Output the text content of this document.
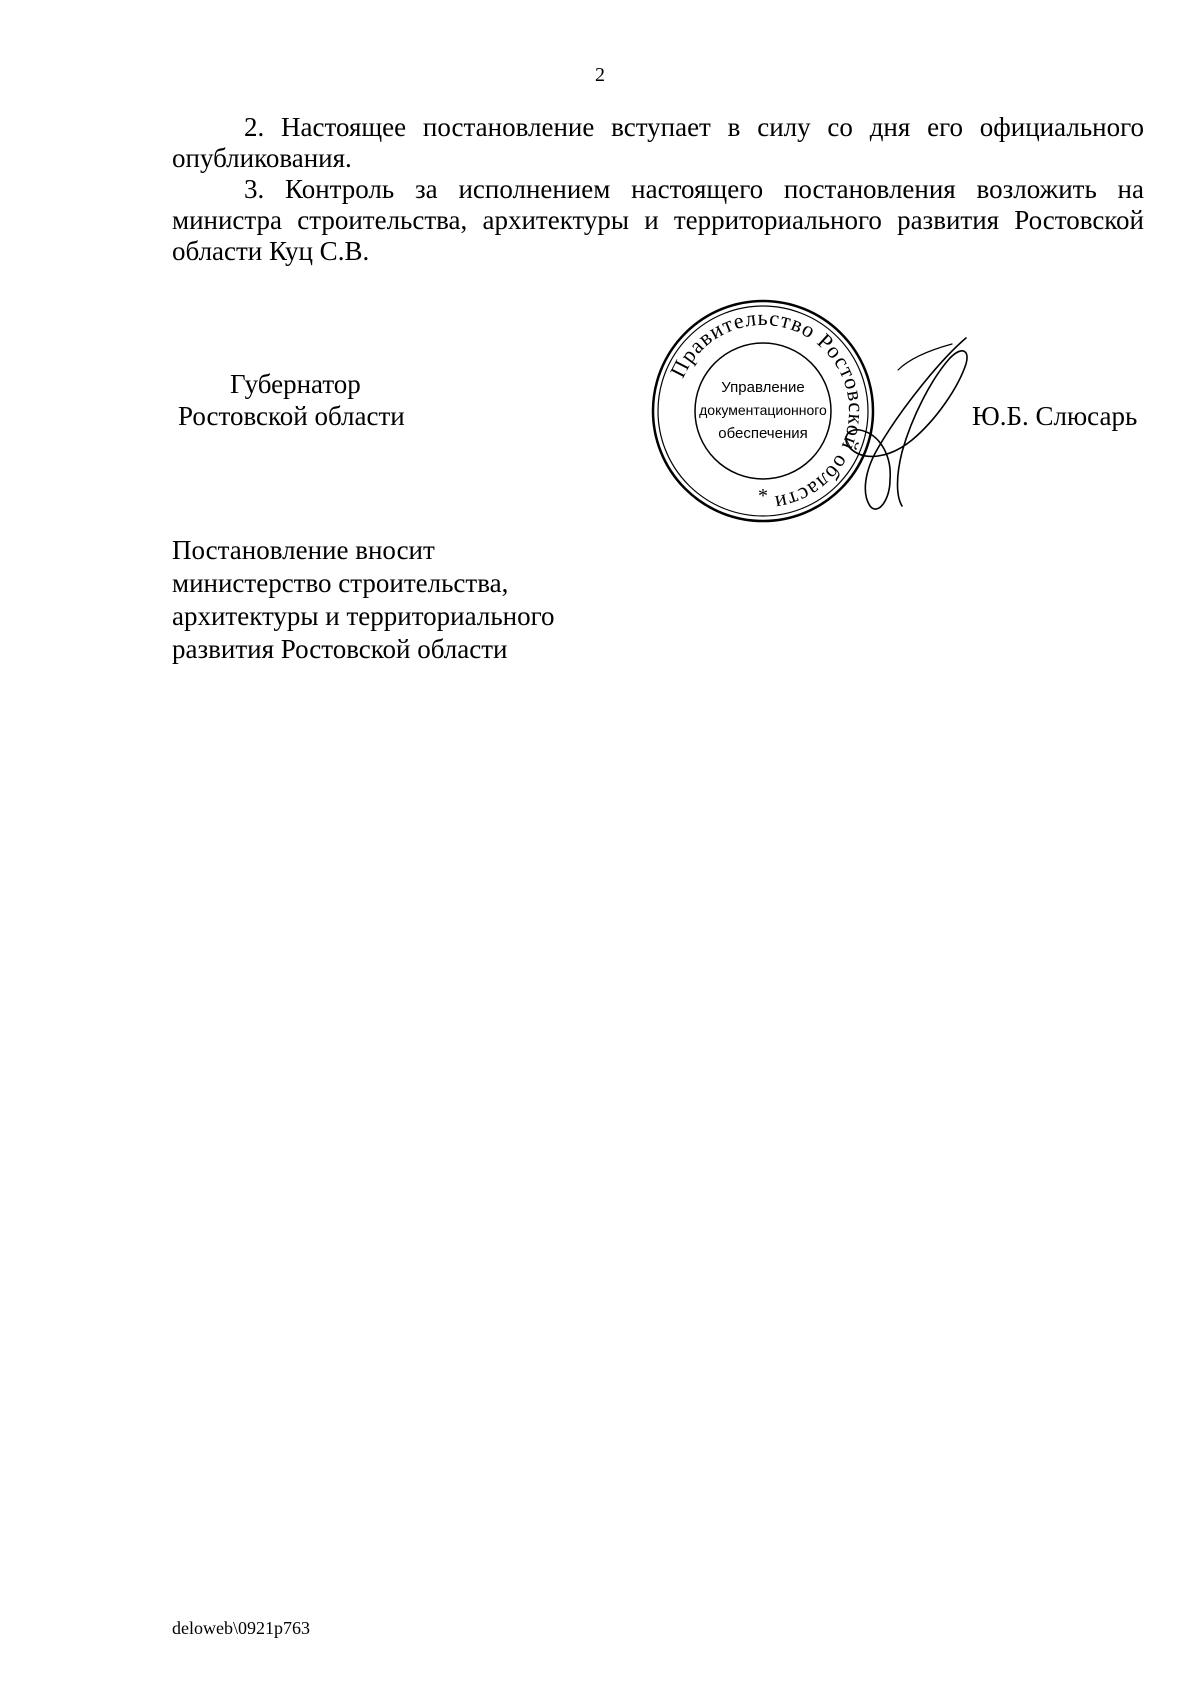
2

2. Настоящее постановление вступает в силу со дня его официального опубликования.

3. Контроль за исполнением настоящего постановления возложить на министра строительства, архитектуры и территориального развития Ростовской области Куц С.В.

Губернатор
Ростовской области
Правительство Ростовской области
Управление
документационного
обеспечения
*
Ю.Б. Слюсарь
Постановление вносит
министерство строительства,
архитектуры и территориального
развития Ростовской области
deloweb\0921p763
